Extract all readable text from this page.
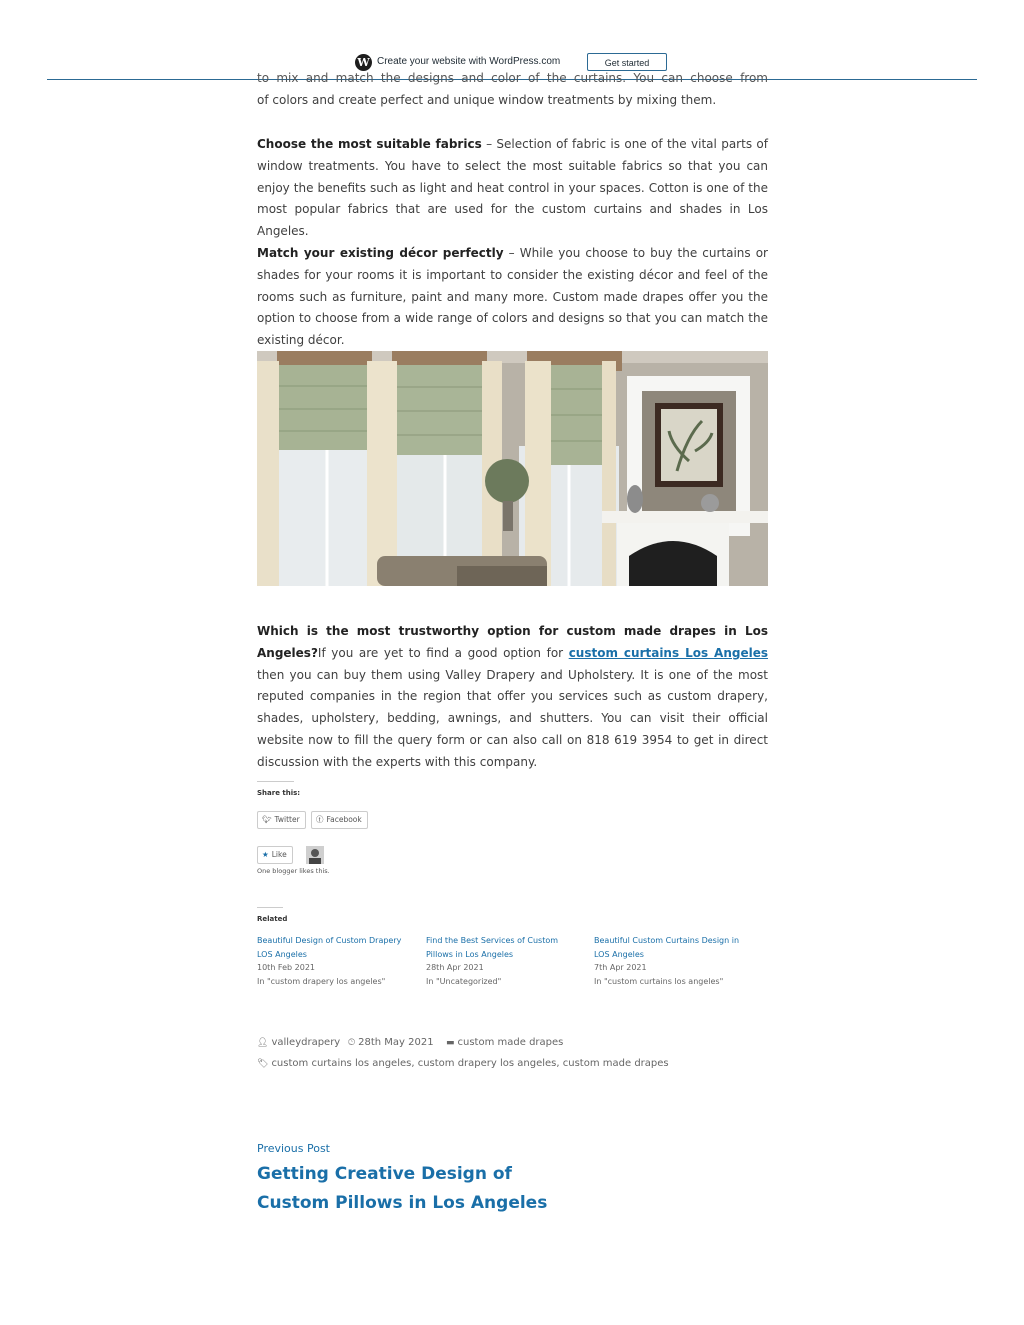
W Create your website with WordPress.com	Get started
to mix and match the designs and color of the curtains. You can choose from
of colors and create perfect and unique window treatments by mixing them.

Choose the most suitable fabrics – Selection of fabric is one of the vital parts of window treatments. You have to select the most suitable fabrics so that you can enjoy the benefits such as light and heat control in your spaces. Cotton is one of the most popular fabrics that are used for the custom curtains and shades in Los Angeles.

Match your existing décor perfectly – While you choose to buy the curtains or shades for your rooms it is important to consider the existing décor and feel of the rooms such as furniture, paint and many more. Custom made drapes offer you the option to choose from a wide range of colors and designs so that you can match the existing décor.

Which is the most trustworthy option for custom made drapes in Los Angeles?If you are yet to find a good option for custom curtains Los Angeles then you can buy them using Valley Drapery and Upholstery. It is one of the most reputed companies in the region that offer you services such as custom drapery, shades, upholstery, bedding, awnings, and shutters. You can visit their official website now to fill the query form or can also call on 818 619 3954 to get in direct discussion with the experts with this company.

Share this:
🐦︎ Twitter	ⓕ Facebook
★ Like
One blogger likes this.
Related
Beautiful Design of Custom Drapery LOS Angeles
10th Feb 2021
In "custom drapery los angeles"
Find the Best Services of Custom Pillows in Los Angeles
28th Apr 2021
In "Uncategorized"
Beautiful Custom Curtains Design in LOS Angeles
7th Apr 2021
In "custom curtains los angeles"
👤︎ valleydrapery 🕒︎ 28th May 2021 ▬ custom made drapes
🏷︎ custom curtains los angeles, custom drapery los angeles, custom made drapes
Previous Post
Getting Creative Design of Custom Pillows in Los Angeles
